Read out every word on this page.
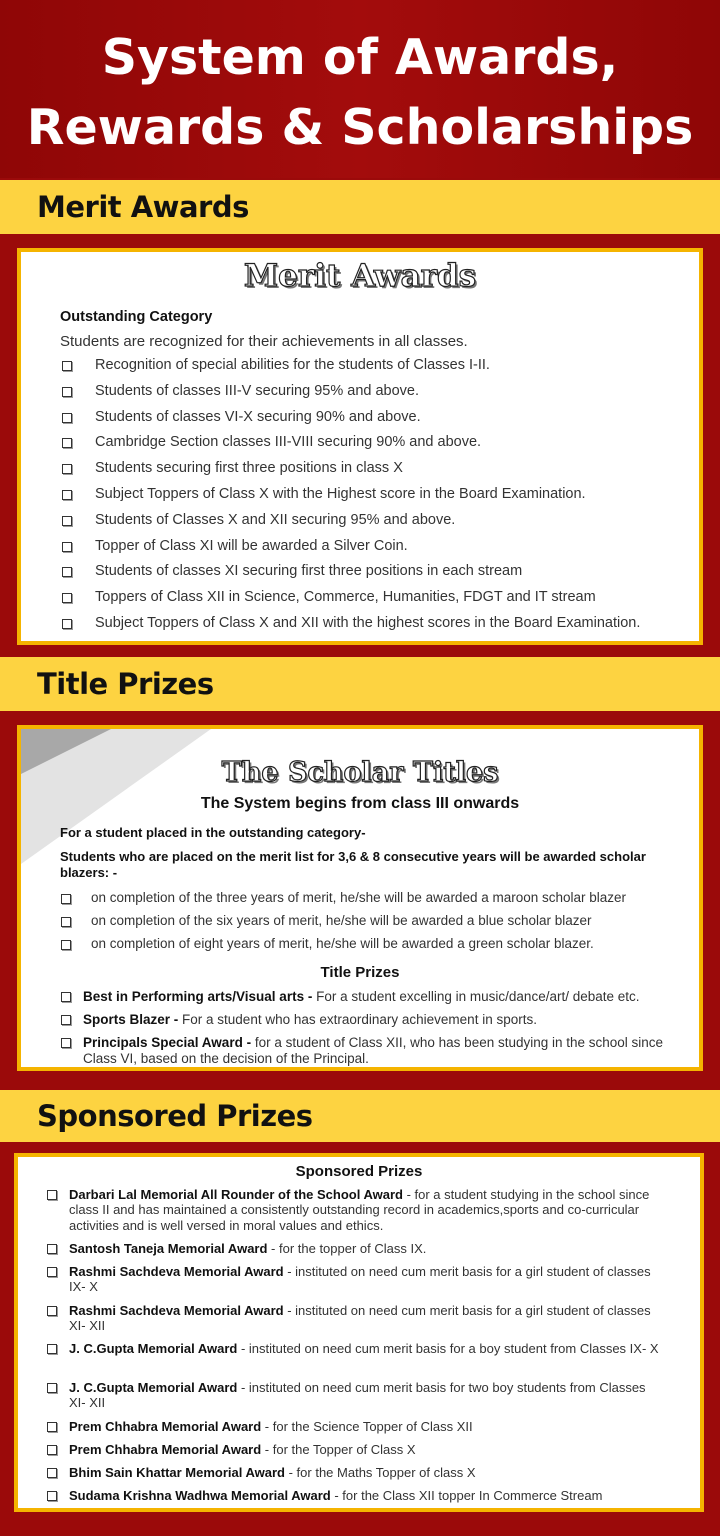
System of Awards,
Rewards & Scholarships
Merit Awards
Merit Awards
Outstanding Category
Students are recognized for their achievements in all classes.
Recognition of special abilities for the students of Classes I-II.
Students of classes III-V securing 95% and above.
Students of classes VI-X securing 90% and above.
Cambridge Section classes III-VIII securing 90% and above.
Students securing first three positions in class X
Subject Toppers of Class X with the Highest score in the Board Examination.
Students of Classes X and XII securing 95% and above.
Topper of Class XI will be awarded a Silver Coin.
Students of classes XI securing first three positions in each stream
Toppers of Class XII in Science, Commerce, Humanities, FDGT and IT stream
Subject Toppers of Class X and XII with the highest scores in the Board Examination.
Title Prizes
The Scholar Titles
The System begins from class III onwards
For a student placed in the outstanding category-
Students who are placed on the merit list for 3,6 & 8 consecutive years will be awarded scholar blazers: -
on completion of the three years of merit, he/she will be awarded a maroon scholar blazer
on completion of the six years of merit, he/she will be awarded a blue scholar blazer
on completion of eight years of merit, he/she will be awarded a green scholar blazer.
Title Prizes
Best in Performing arts/Visual arts - For a student excelling in music/dance/art/ debate etc.
Sports Blazer - For a student who has extraordinary achievement in sports.
Principals Special Award - for a student of Class XII, who has been studying in the school since Class VI, based on the decision of the Principal.
Sponsored Prizes
Sponsored Prizes
Darbari Lal Memorial All Rounder of the School Award - for a student studying in the school since class II and has maintained a consistently outstanding record in academics,sports and co-curricular activities and is well versed in moral values and ethics.
Santosh Taneja Memorial Award - for the topper of Class IX.
Rashmi Sachdeva Memorial Award - instituted on need cum merit basis for a girl student of classes IX- X
Rashmi Sachdeva Memorial Award - instituted on need cum merit basis for a girl student of classes XI- XII
J. C.Gupta Memorial Award - instituted on need cum merit basis for a boy student from Classes IX- X
J. C.Gupta Memorial Award - instituted on need cum merit basis for two boy students from Classes XI- XII
Prem Chhabra Memorial Award - for the Science Topper of Class XII
Prem Chhabra Memorial Award - for the Topper of Class X
Bhim Sain Khattar Memorial Award - for the Maths Topper of class X
Sudama Krishna Wadhwa Memorial Award - for the Class XII topper In Commerce Stream
